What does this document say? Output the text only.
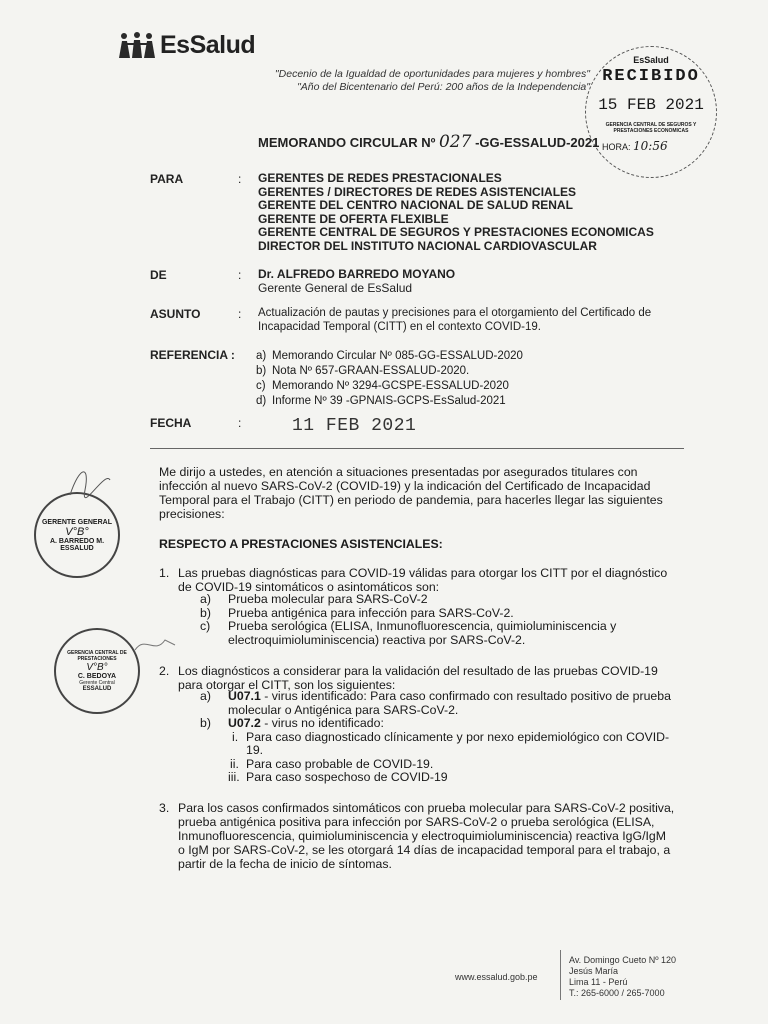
EsSalud
"Decenio de la Igualdad de oportunidades para mujeres y hombres"
"Año del Bicentenario del Perú: 200 años de la Independencia"
EsSalud
RECIBIDO
15 FEB 2021
GERENCIA CENTRAL DE SEGUROS Y PRESTACIONES ECONOMICAS
HORA: 10:56
MEMORANDO CIRCULAR Nº 027 -GG-ESSALUD-2021
PARA	: GERENTES DE REDES PRESTACIONALES
GERENTES / DIRECTORES DE REDES ASISTENCIALES
GERENTE DEL CENTRO NACIONAL DE SALUD RENAL
GERENTE DE OFERTA FLEXIBLE
GERENTE CENTRAL DE SEGUROS Y PRESTACIONES ECONOMICAS
DIRECTOR DEL INSTITUTO NACIONAL CARDIOVASCULAR
DE	: Dr. ALFREDO BARREDO MOYANO
Gerente General de EsSalud
ASUNTO	: Actualización de pautas y precisiones para el otorgamiento del Certificado de
Incapacidad Temporal (CITT) en el contexto COVID-19.
REFERENCIA : a) Memorando Circular Nº 085-GG-ESSALUD-2020
b) Nota Nº 657-GRAAN-ESSALUD-2020.
c) Memorando Nº 3294-GCSPE-ESSALUD-2020
d) Informe Nº 39 -GPNAIS-GCPS-EsSalud-2021
FECHA	:	11 FEB 2021
Me dirijo a ustedes, en atención a situaciones presentadas por asegurados titulares con
infección al nuevo SARS-CoV-2 (COVID-19) y la indicación del Certificado de Incapacidad
Temporal para el Trabajo (CITT) en periodo de pandemia, para hacerles llegar las siguientes
precisiones:
RESPECTO A PRESTACIONES ASISTENCIALES:
1. Las pruebas diagnósticas para COVID-19 válidas para otorgar los CITT por el diagnóstico
de COVID-19 sintomáticos o asintomáticos son:
a) Prueba molecular para SARS-CoV-2
b) Prueba antigénica para infección para SARS-CoV-2.
c) Prueba serológica (ELISA, Inmunofluorescencia, quimioluminiscencia y
electroquimioluminiscencia) reactiva por SARS-CoV-2.
2. Los diagnósticos a considerar para la validación del resultado de las pruebas COVID-19
para otorgar el CITT, son los siguientes:
a) U07.1 - virus identificado: Para caso confirmado con resultado positivo de prueba
molecular o Antigénica para SARS-CoV-2.
b) U07.2 - virus no identificado:
i. Para caso diagnosticado clínicamente y por nexo epidemiológico con COVID-
19.
ii. Para caso probable de COVID-19.
iii. Para caso sospechoso de COVID-19
3. Para los casos confirmados sintomáticos con prueba molecular para SARS-CoV-2 positiva,
prueba antigénica positiva para infección por SARS-CoV-2 o prueba serológica (ELISA,
Inmunofluorescencia, quimioluminiscencia y electroquimioluminiscencia) reactiva IgG/IgM
o IgM por SARS-CoV-2, se les otorgará 14 días de incapacidad temporal para el trabajo, a
partir de la fecha de inicio de síntomas.
GERENTE GENERAL
V°B°
A. BARREDO M.
ESSALUD
GERENCIA CENTRAL DE PRESTACIONES
V°B°
C. BEDOYA
Gerente Central
ESSALUD
www.essalud.gob.pe
Av. Domingo Cueto Nº 120
Jesús María
Lima 11 - Perú
T.: 265-6000 / 265-7000
